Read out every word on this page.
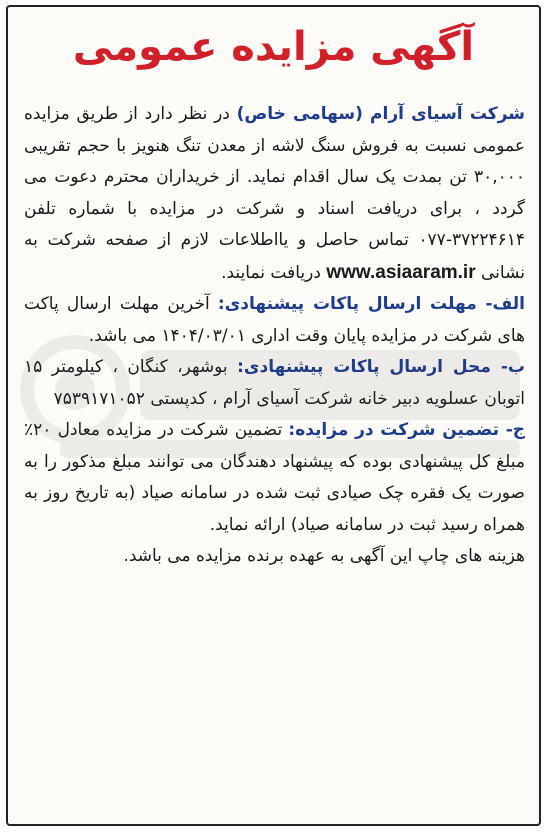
آگهی مزایده عمومی

شرکت آسیای آرام (سهامی خاص) در نظر دارد از طریق مزایده عمومی نسبت به فروش سنگ لاشه از معدن تنگ هنویز با حجم تقریبی ۳۰,۰۰۰ تن بمدت یک سال اقدام نماید. از خریداران محترم دعوت می گردد ، برای دریافت اسناد و شرکت در مزایده با شماره تلفن ۰۷۷-۳۷۲۲۴۶۱۴ تماس حاصل و یااطلاعات لازم از صفحه شرکت به نشانی www.asiaaram.ir دریافت نمایند.

الف- مهلت ارسال پاکات پیشنهادی: آخرین مهلت ارسال پاکت های شرکت در مزایده پایان وقت اداری ۱۴۰۴/۰۳/۰۱ می باشد.

ب- محل ارسال پاکات پیشنهادی: بوشهر، کنگان ، کیلومتر ۱۵ اتوبان عسلویه دبیر خانه شرکت آسیای آرام ، کدپستی ۷۵۳۹۱۷۱۰۵۲

ج- تضمین شرکت در مزایده: تضمین شرکت در مزایده معادل ۲۰٪ مبلغ کل پیشنهادی بوده که پیشنهاد دهندگان می توانند مبلغ مذکور را به صورت یک فقره چک صیادی ثبت شده در سامانه صیاد (به تاریخ روز به همراه رسید ثبت در سامانه صیاد) ارائه نماید.

هزینه های چاپ این آگهی به عهده برنده مزایده می باشد.
